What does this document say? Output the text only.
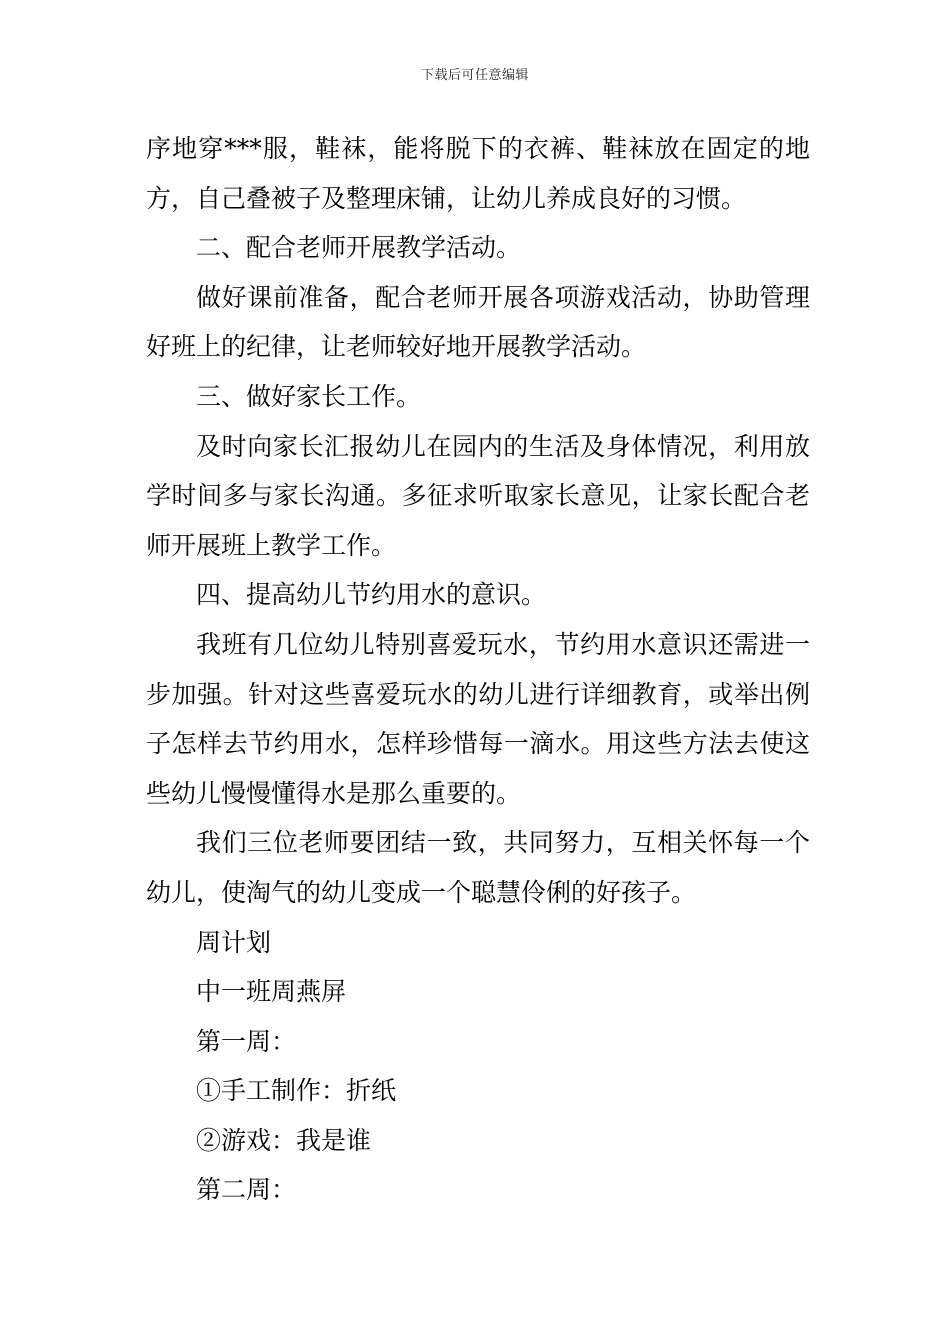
下载后可任意编辑

序地穿***服，鞋袜，能将脱下的衣裤、鞋袜放在固定的地方，自己叠被子及整理床铺，让幼儿养成良好的习惯。

二、配合老师开展教学活动。

做好课前准备，配合老师开展各项游戏活动，协助管理好班上的纪律，让老师较好地开展教学活动。

三、做好家长工作。

及时向家长汇报幼儿在园内的生活及身体情况，利用放学时间多与家长沟通。多征求听取家长意见，让家长配合老师开展班上教学工作。

四、提高幼儿节约用水的意识。

我班有几位幼儿特别喜爱玩水，节约用水意识还需进一步加强。针对这些喜爱玩水的幼儿进行详细教育，或举出例子怎样去节约用水，怎样珍惜每一滴水。用这些方法去使这些幼儿慢慢懂得水是那么重要的。

我们三位老师要团结一致，共同努力，互相关怀每一个幼儿，使淘气的幼儿变成一个聪慧伶俐的好孩子。

周计划

中一班周燕屏

第一周：

①手工制作：折纸

②游戏：我是谁

第二周：
